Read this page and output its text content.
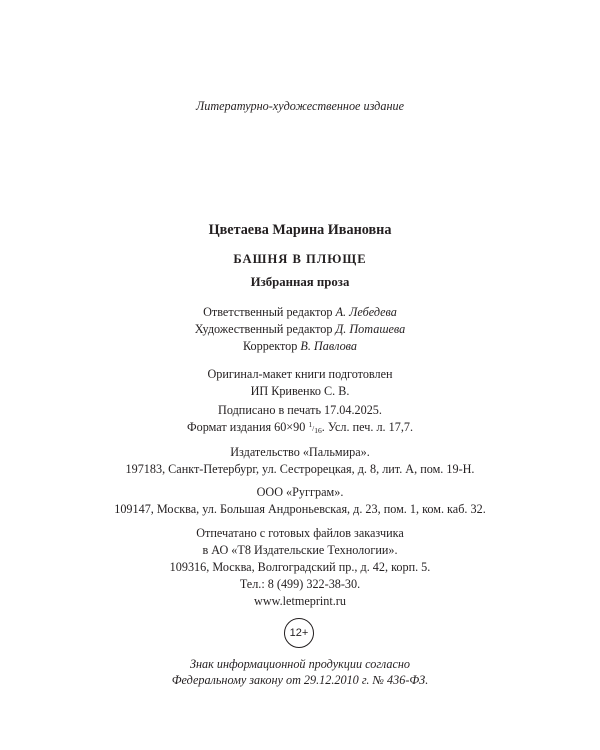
Литературно-художественное издание
Цветаева Марина Ивановна
БАШНЯ В ПЛЮЩЕ
Избранная проза
Ответственный редактор А. Лебедева
Художественный редактор Д. Поташева
Корректор В. Павлова
Оригинал-макет книги подготовлен
ИП Кривенко С. В.
Подписано в печать 17.04.2025.
Формат издания 60×90 1/16. Усл. печ. л. 17,7.
Издательство «Пальмира».
197183, Санкт-Петербург, ул. Сестрорецкая, д. 8, лит. А, пом. 19-Н.
ООО «Ругграм».
109147, Москва, ул. Большая Андроньевская, д. 23, пом. 1, ком. каб. 32.
Отпечатано с готовых файлов заказчика
в АО «Т8 Издательские Технологии».
109316, Москва, Волгоградский пр., д. 42, корп. 5.
Тел.: 8 (499) 322-38-30.
www.letmeprint.ru
12+
Знак информационной продукции согласно
Федеральному закону от 29.12.2010 г. № 436-ФЗ.
